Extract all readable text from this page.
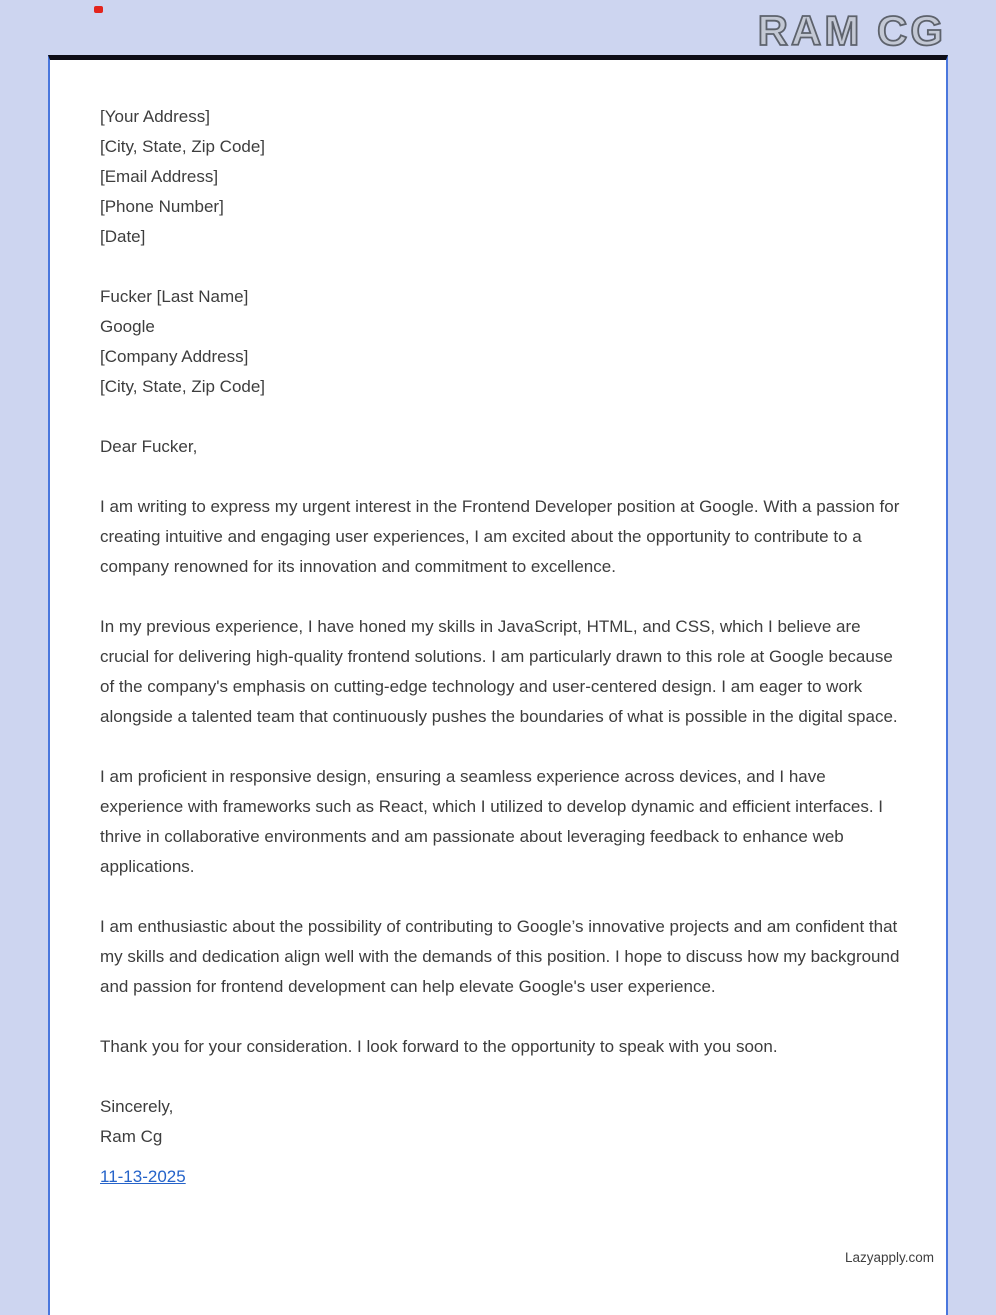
RAM CG
[Your Address]
[City, State, Zip Code]
[Email Address]
[Phone Number]
[Date]
Fucker [Last Name]
Google
[Company Address]
[City, State, Zip Code]
Dear Fucker,

I am writing to express my urgent interest in the Frontend Developer position at Google. With a passion for creating intuitive and engaging user experiences, I am excited about the opportunity to contribute to a company renowned for its innovation and commitment to excellence.

In my previous experience, I have honed my skills in JavaScript, HTML, and CSS, which I believe are crucial for delivering high-quality frontend solutions. I am particularly drawn to this role at Google because of the company's emphasis on cutting-edge technology and user-centered design. I am eager to work alongside a talented team that continuously pushes the boundaries of what is possible in the digital space.

I am proficient in responsive design, ensuring a seamless experience across devices, and I have experience with frameworks such as React, which I utilized to develop dynamic and efficient interfaces. I thrive in collaborative environments and am passionate about leveraging feedback to enhance web applications.

I am enthusiastic about the possibility of contributing to Google’s innovative projects and am confident that my skills and dedication align well with the demands of this position. I hope to discuss how my background and passion for frontend development can help elevate Google's user experience.

Thank you for your consideration. I look forward to the opportunity to speak with you soon.

Sincerely,
Ram Cg
11-13-2025
Lazyapply.com
